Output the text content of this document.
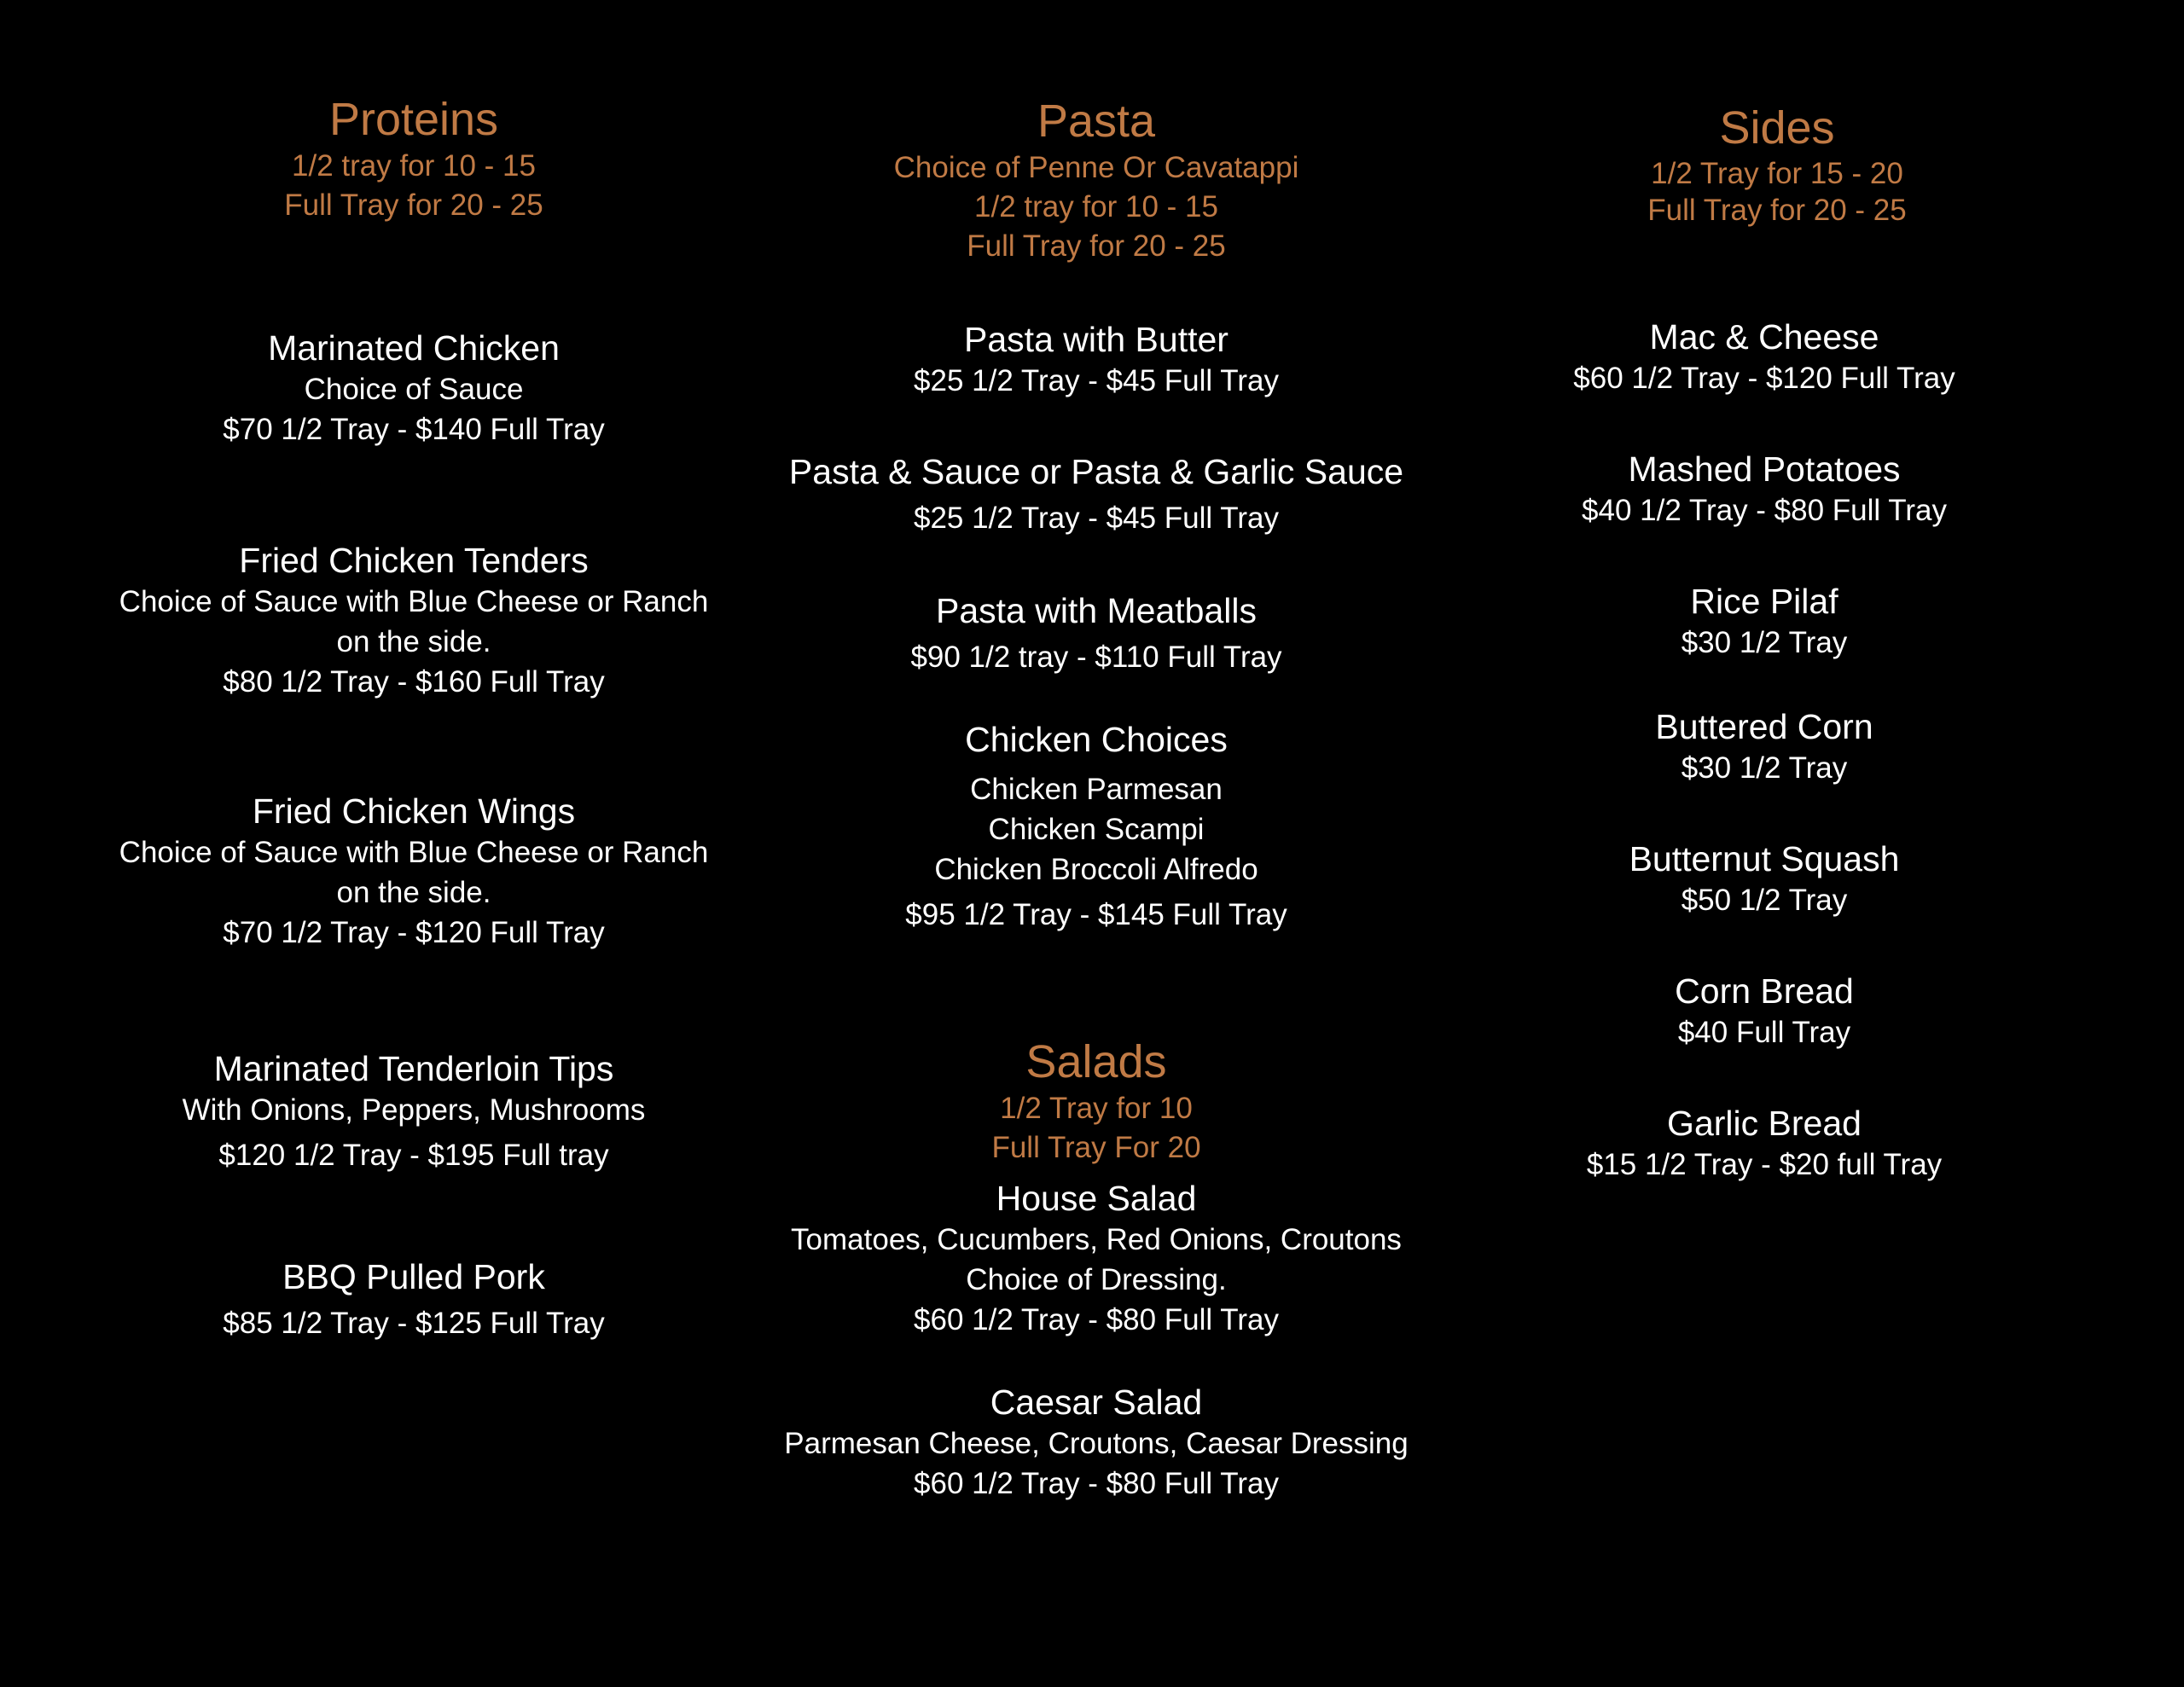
Proteins
1/2 tray for 10 - 15
Full Tray for 20 - 25
Marinated Chicken
Choice of Sauce
$70 1/2 Tray - $140 Full Tray
Fried Chicken Tenders
Choice of Sauce with Blue Cheese or Ranch
on the side.
$80 1/2 Tray - $160 Full Tray
Fried Chicken Wings
Choice of Sauce with Blue Cheese or Ranch
on the side.
$70 1/2 Tray - $120 Full Tray
Marinated Tenderloin Tips
With Onions, Peppers, Mushrooms
$120 1/2 Tray - $195 Full tray
BBQ Pulled Pork
$85 1/2 Tray - $125 Full Tray
Pasta
Choice of Penne Or Cavatappi
1/2 tray for 10 - 15
Full Tray for 20 - 25
Pasta with Butter
$25 1/2 Tray - $45 Full Tray
Pasta & Sauce or Pasta & Garlic Sauce
$25 1/2 Tray - $45 Full Tray
Pasta with Meatballs
$90 1/2 tray - $110 Full Tray
Chicken Choices
Chicken Parmesan
Chicken Scampi
Chicken Broccoli Alfredo
$95 1/2 Tray - $145 Full Tray
Salads
1/2 Tray for 10
Full Tray For 20
House Salad
Tomatoes, Cucumbers, Red Onions, Croutons
Choice of Dressing.
$60 1/2 Tray - $80 Full Tray
Caesar Salad
Parmesan Cheese, Croutons, Caesar Dressing
$60 1/2 Tray - $80 Full Tray
Sides
1/2 Tray for 15 - 20
Full Tray for 20 - 25
Mac & Cheese
$60 1/2 Tray - $120 Full Tray
Mashed Potatoes
$40 1/2 Tray - $80 Full Tray
Rice Pilaf
$30 1/2 Tray
Buttered Corn
$30 1/2 Tray
Butternut Squash
$50 1/2 Tray
Corn Bread
$40 Full Tray
Garlic Bread
$15 1/2 Tray - $20 full Tray
